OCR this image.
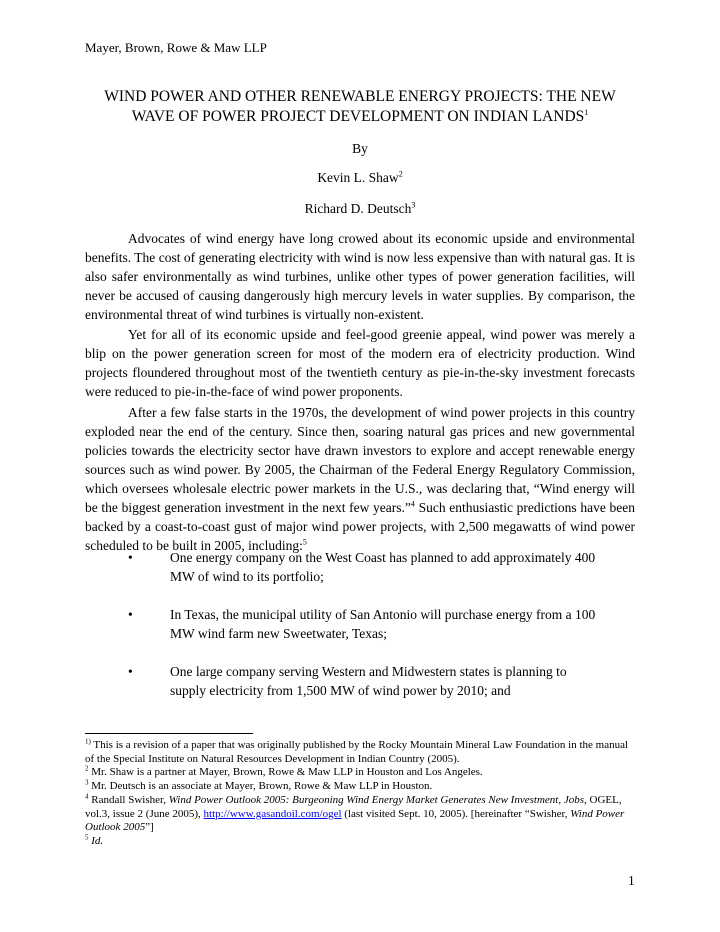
Mayer, Brown, Rowe & Maw LLP
WIND POWER AND OTHER RENEWABLE ENERGY PROJECTS: THE NEW
WAVE OF POWER PROJECT DEVELOPMENT ON INDIAN LANDS$^1$
By
Kevin L. Shaw$^2$
Richard D. Deutsch$^3$

Advocates of wind energy have long crowed about its economic upside and environmental benefits. The cost of generating electricity with wind is now less expensive than with natural gas. It is also safer environmentally as wind turbines, unlike other types of power generation facilities, will never be accused of causing dangerously high mercury levels in water supplies. By comparison, the environmental threat of wind turbines is virtually non-existent.

Yet for all of its economic upside and feel-good greenie appeal, wind power was merely a blip on the power generation screen for most of the modern era of electricity production. Wind projects floundered throughout most of the twentieth century as pie-in-the-sky investment forecasts were reduced to pie-in-the-face of wind power proponents.

After a few false starts in the 1970s, the development of wind power projects in this country exploded near the end of the century. Since then, soaring natural gas prices and new governmental policies towards the electricity sector have drawn investors to explore and accept renewable energy sources such as wind power. By 2005, the Chairman of the Federal Energy Regulatory Commission, which oversees wholesale electric power markets in the U.S., was declaring that, “Wind energy will be the biggest generation investment in the next few years.”$^4$ Such enthusiastic predictions have been backed by a coast-to-coast gust of major wind power projects, with 2,500 megawatts of wind power scheduled to be built in 2005, including:$^5$

•	One energy company on the West Coast has planned to add approximately 400 MW of wind to its portfolio;
•	In Texas, the municipal utility of San Antonio will purchase energy from a 100 MW wind farm new Sweetwater, Texas;
•	One large company serving Western and Midwestern states is planning to supply electricity from 1,500 MW of wind power by 2010; and

$^{1)}$ This is a revision of a paper that was originally published by the Rocky Mountain Mineral Law Foundation in the manual of the Special Institute on Natural Resources Development in Indian Country (2005).

$^2$ Mr. Shaw is a partner at Mayer, Brown, Rowe & Maw LLP in Houston and Los Angeles.

$^3$ Mr. Deutsch is an associate at Mayer, Brown, Rowe & Maw LLP in Houston.

$^4$ Randall Swisher, Wind Power Outlook 2005: Burgeoning Wind Energy Market Generates New Investment, Jobs, OGEL, vol.3, issue 2 (June 2005), http://www.gasandoil.com/ogel (last visited Sept. 10, 2005). [hereinafter “Swisher, Wind Power Outlook 2005”]

$^5$ Id.

1
